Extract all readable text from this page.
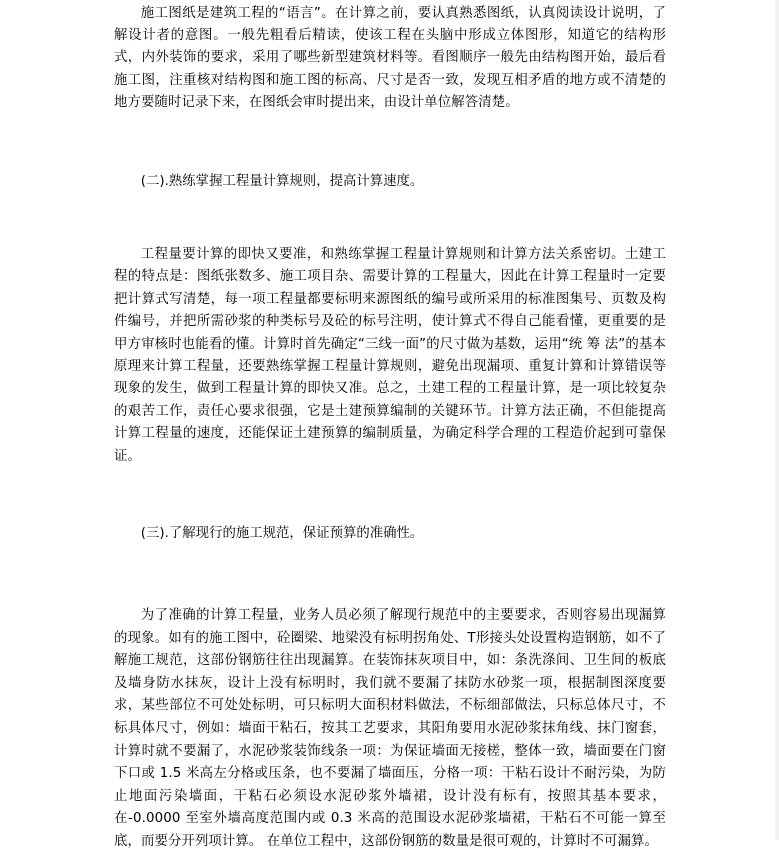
施工图纸是建筑工程的“语言”。在计算之前，要认真熟悉图纸，认真阅读设计说明，了解设计者的意图。一般先粗看后精读，使该工程在头脑中形成立体图形，知道它的结构形式，内外装饰的要求，采用了哪些新型建筑材料等。看图顺序一般先由结构图开始，最后看施工图，注重核对结构图和施工图的标高、尺寸是否一致，发现互相矛盾的地方或不清楚的地方要随时记录下来，在图纸会审时提出来，由设计单位解答清楚。

(二).熟练掌握工程量计算规则，提高计算速度。

工程量要计算的即快又要准，和熟练掌握工程量计算规则和计算方法关系密切。土建工程的特点是：图纸张数多、施工项目杂、需要计算的工程量大，因此在计算工程量时一定要把计算式写清楚，每一项工程量都要标明来源图纸的编号或所采用的标准图集号、页数及构件编号，并把所需砂浆的种类标号及砼的标号注明，使计算式不得自己能看懂，更重要的是甲方审核时也能看的懂。计算时首先确定“三线一面”的尺寸做为基数，运用“统 筹 法”的基本原理来计算工程量，还要熟练掌握工程量计算规则，避免出现漏项、重复计算和计算错误等现象的发生，做到工程量计算的即快又准。总之，土建工程的工程量计算，是一项比较复杂的艰苦工作，责任心要求很强，它是土建预算编制的关键环节。计算方法正确，不但能提高计算工程量的速度，还能保证土建预算的编制质量，为确定科学合理的工程造价起到可靠保证。

(三).了解现行的施工规范，保证预算的准确性。

为了准确的计算工程量，业务人员必须了解现行规范中的主要要求，否则容易出现漏算的现象。如有的施工图中，砼圈梁、地梁没有标明拐角处、T形接头处设置构造钢筋，如不了解施工规范，这部份钢筋往往出现漏算。在装饰抹灰项目中，如：条洗涤间、卫生间的板底及墙身防水抹灰，设计上没有标明时，我们就不要漏了抹防水砂浆一项，根据制图深度要求，某些部位不可处处标明，可只标明大面积材料做法，不标细部做法，只标总体尺寸，不标具体尺寸，例如：墙面干粘石，按其工艺要求，其阳角要用水泥砂浆抹角线、抹门窗套，计算时就不要漏了，水泥砂浆装饰线条一项：为保证墙面无接槎，整体一致，墙面要在门窗下口或 1.5 米高左分格或压条，也不要漏了墙面压，分格一项：干粘石设计不耐污染，为防止地面污染墙面，干粘石必须设水泥砂浆外墙裙，设计没有标有，按照其基本要求，在-0.0000 至室外墙高度范围内或 0.3 米高的范围设水泥砂浆墙裙，干粘石不可能一算至底，而要分开列项计算。 在单位工程中，这部份钢筋的数量是很可观的，计算时不可漏算。
